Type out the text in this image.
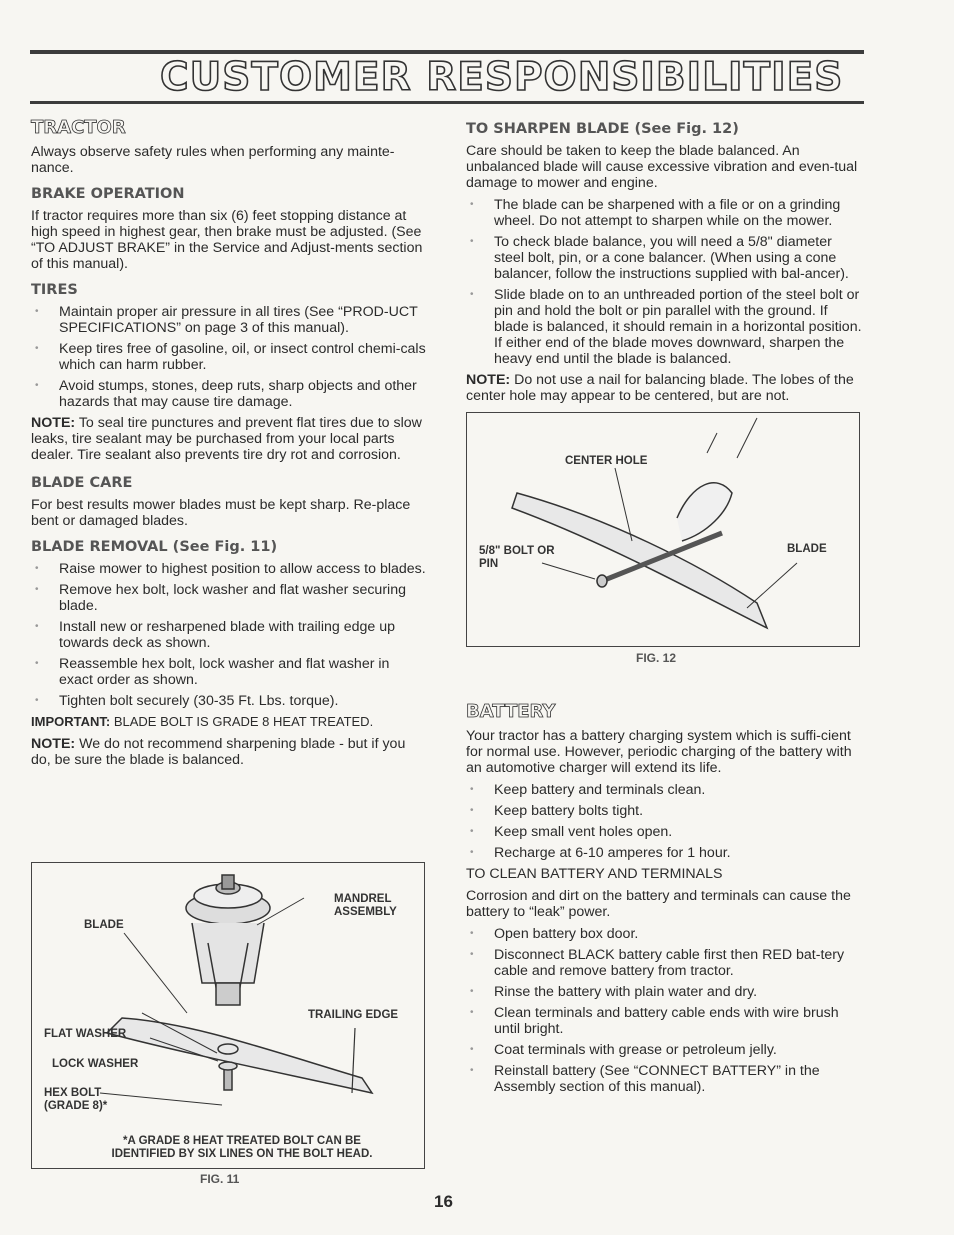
CUSTOMER RESPONSIBILITIES
TRACTOR

Always observe safety rules when performing any mainte-nance.

BRAKE OPERATION

If tractor requires more than six (6) feet stopping distance at high speed in highest gear, then brake must be adjusted. (See “TO ADJUST BRAKE” in the Service and Adjust-ments section of this manual).

TIRES
• Maintain proper air pressure in all tires (See “PROD-UCT SPECIFICATIONS” on page 3 of this manual).
• Keep tires free of gasoline, oil, or insect control chemi-cals which can harm rubber.
• Avoid stumps, stones, deep ruts, sharp objects and other hazards that may cause tire damage.

NOTE: To seal tire punctures and prevent flat tires due to slow leaks, tire sealant may be purchased from your local parts dealer. Tire sealant also prevents tire dry rot and corrosion.

BLADE CARE

For best results mower blades must be kept sharp. Re-place bent or damaged blades.

BLADE REMOVAL (See Fig. 11)
• Raise mower to highest position to allow access to blades.
• Remove hex bolt, lock washer and flat washer securing blade.
• Install new or resharpened blade with trailing edge up towards deck as shown.
• Reassemble hex bolt, lock washer and flat washer in exact order as shown.
• Tighten bolt securely (30-35 Ft. Lbs. torque).

IMPORTANT: BLADE BOLT IS GRADE 8 HEAT TREATED.

NOTE: We do not recommend sharpening blade - but if you do, be sure the blade is balanced.

MANDREL ASSEMBLY
BLADE
TRAILING EDGE
FLAT WASHER
LOCK WASHER
HEX BOLT (GRADE 8)*
*A GRADE 8 HEAT TREATED BOLT CAN BE IDENTIFIED BY SIX LINES ON THE BOLT HEAD.
FIG. 11
TO SHARPEN BLADE (See Fig. 12)

Care should be taken to keep the blade balanced. An unbalanced blade will cause excessive vibration and even-tual damage to mower and engine.

• The blade can be sharpened with a file or on a grinding wheel. Do not attempt to sharpen while on the mower.
• To check blade balance, you will need a 5/8" diameter steel bolt, pin, or a cone balancer. (When using a cone balancer, follow the instructions supplied with bal-ancer).
• Slide blade on to an unthreaded portion of the steel bolt or pin and hold the bolt or pin parallel with the ground. If blade is balanced, it should remain in a horizontal position. If either end of the blade moves downward, sharpen the heavy end until the blade is balanced.

NOTE: Do not use a nail for balancing blade. The lobes of the center hole may appear to be centered, but are not.

CENTER HOLE
5/8" BOLT OR PIN
BLADE
FIG. 12
BATTERY

Your tractor has a battery charging system which is suffi-cient for normal use. However, periodic charging of the battery with an automotive charger will extend its life.

• Keep battery and terminals clean.
• Keep battery bolts tight.
• Keep small vent holes open.
• Recharge at 6-10 amperes for 1 hour.

TO CLEAN BATTERY AND TERMINALS

Corrosion and dirt on the battery and terminals can cause the battery to “leak” power.

• Open battery box door.
• Disconnect BLACK battery cable first then RED bat-tery cable and remove battery from tractor.
• Rinse the battery with plain water and dry.
• Clean terminals and battery cable ends with wire brush until bright.
• Coat terminals with grease or petroleum jelly.
• Reinstall battery (See “CONNECT BATTERY” in the Assembly section of this manual).
16
